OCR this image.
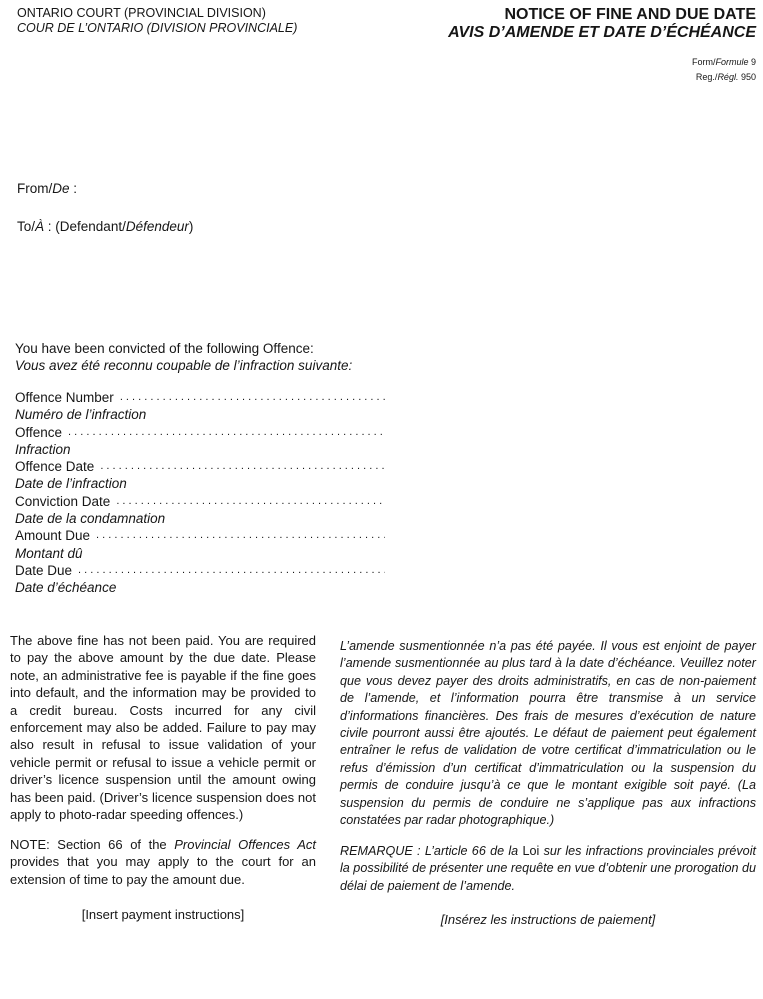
ONTARIO COURT (PROVINCIAL DIVISION)
COUR DE L’ONTARIO (DIVISION PROVINCIALE)
NOTICE OF FINE AND DUE DATE
AVIS D’AMENDE ET DATE D’ÉCHÉANCE
Form/Formule 9
Reg./Régl. 950
From/De :
To/À : (Defendant/Défendeur)
You have been convicted of the following Offence:
Vous avez été reconnu coupable de l’infraction suivante:
Offence Number
. . .
Numéro de l’infraction
Offence
. . .
Infraction
Offence Date
. . .
Date de l’infraction
Conviction Date
. . .
Date de la condamnation
Amount Due
. . .
Montant dû
Date Due
. . .
Date d’échéance
The above fine has not been paid. You are required to pay the above amount by the due date. Please note, an administrative fee is payable if the fine goes into default, and the information may be provided to a credit bureau. Costs incurred for any civil enforcement may also be added. Failure to pay may also result in refusal to issue validation of your vehicle permit or refusal to issue a vehicle permit or driver’s licence suspension until the amount owing has been paid. (Driver’s licence suspension does not apply to photo-radar speeding offences.)
L’amende susmentionnée n’a pas été payée. Il vous est enjoint de payer l’amende susmentionnée au plus tard à la date d’échéance. Veuillez noter que vous devez payer des droits administratifs, en cas de non-paiement de l’amende, et l’information pourra être transmise à un service d’informations financières. Des frais de mesures d’exécution de nature civile pourront aussi être ajoutés. Le défaut de paiement peut également entraîner le refus de validation de votre certificat d’immatriculation ou le refus d’émission d’un certificat d’immatriculation ou la suspension du permis de conduire jusqu’à ce que le montant exigible soit payé. (La suspension du permis de conduire ne s’applique pas aux infractions constatées par radar photographique.)
NOTE: Section 66 of the Provincial Offences Act provides that you may apply to the court for an extension of time to pay the amount due.
REMARQUE : L’article 66 de la Loi sur les infractions provinciales prévoit la possibilité de présenter une requête en vue d’obtenir une prorogation du délai de paiement de l’amende.
[Insert payment instructions]	[Insérez les instructions de paiement]
